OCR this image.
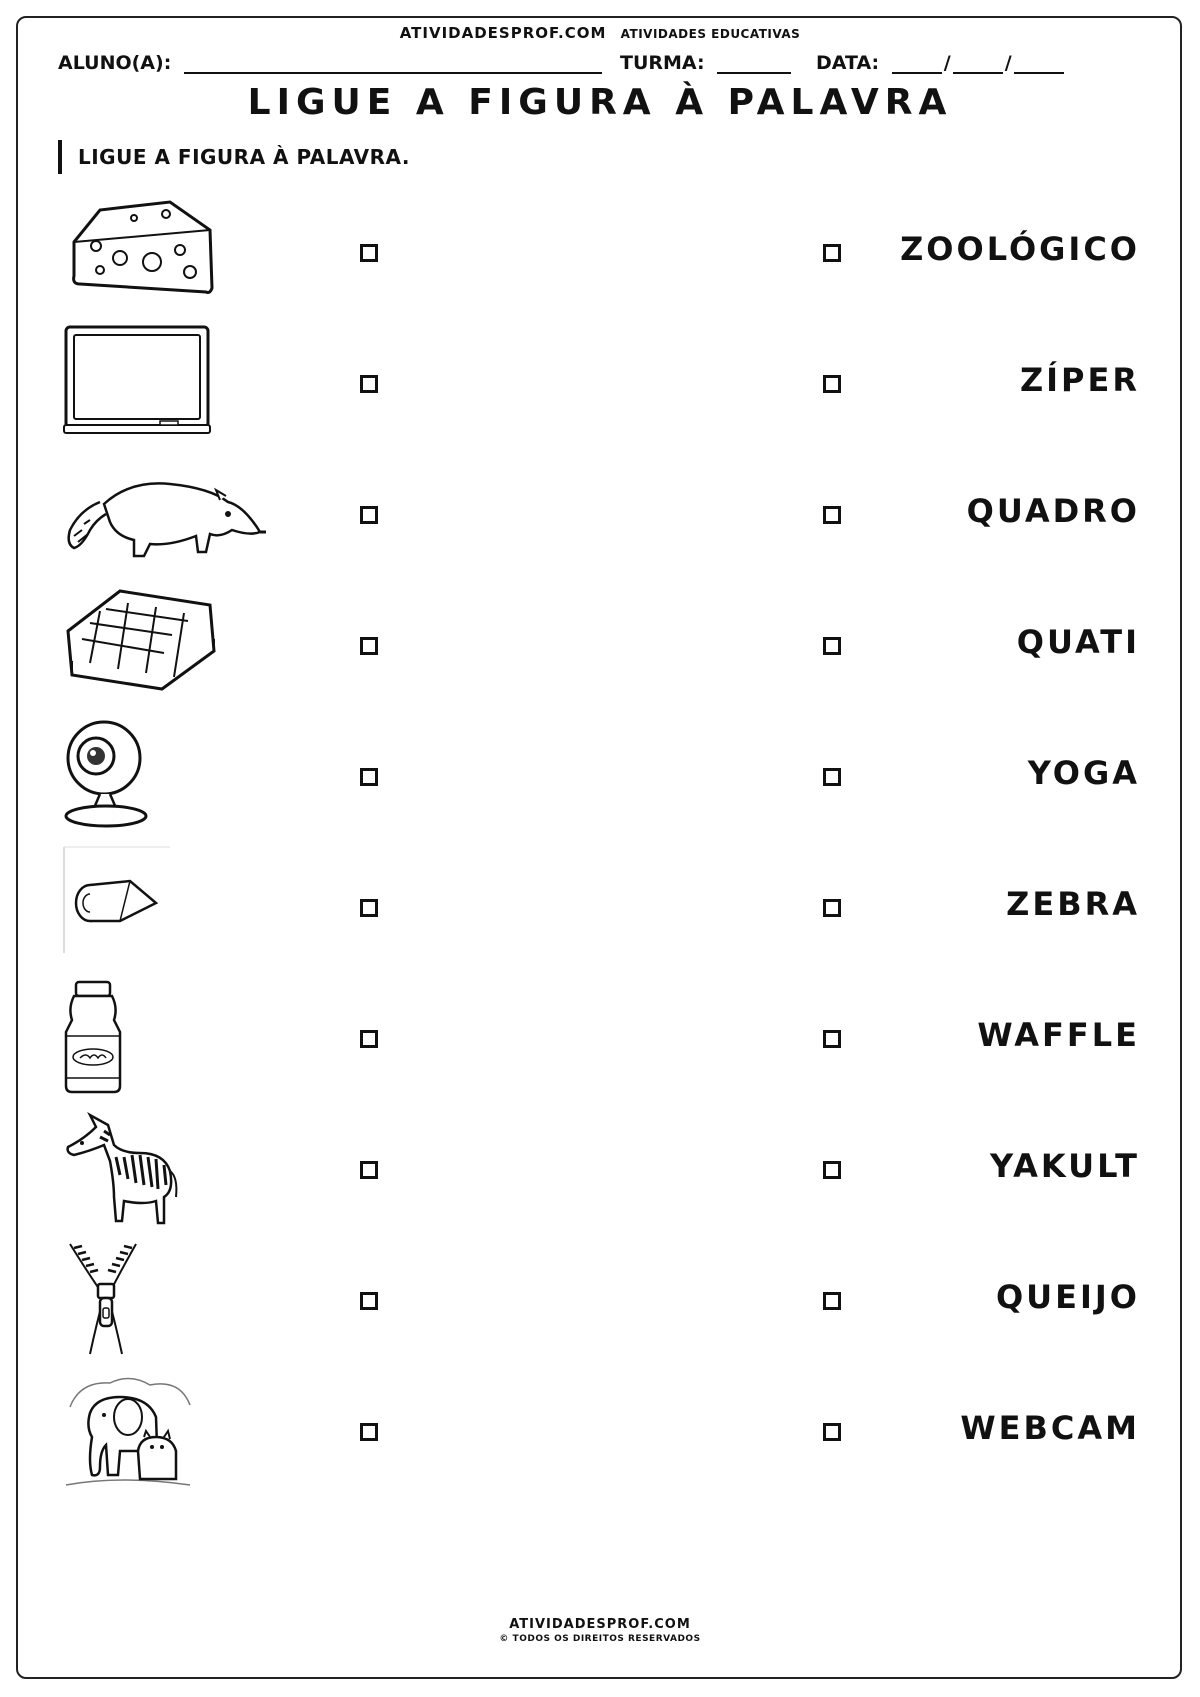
ATIVIDADESPROF.COM ATIVIDADES EDUCATIVAS
ALUNO(A):	TURMA:	DATA:	/	/
LIGUE A FIGURA À PALAVRA
LIGUE A FIGURA À PALAVRA.
ZOOLÓGICO
ZÍPER
QUADRO
QUATI
YOGA
ZEBRA
WAFFLE
YAKULT
QUEIJO
WEBCAM
ATIVIDADESPROF.COM
© TODOS OS DIREITOS RESERVADOS
